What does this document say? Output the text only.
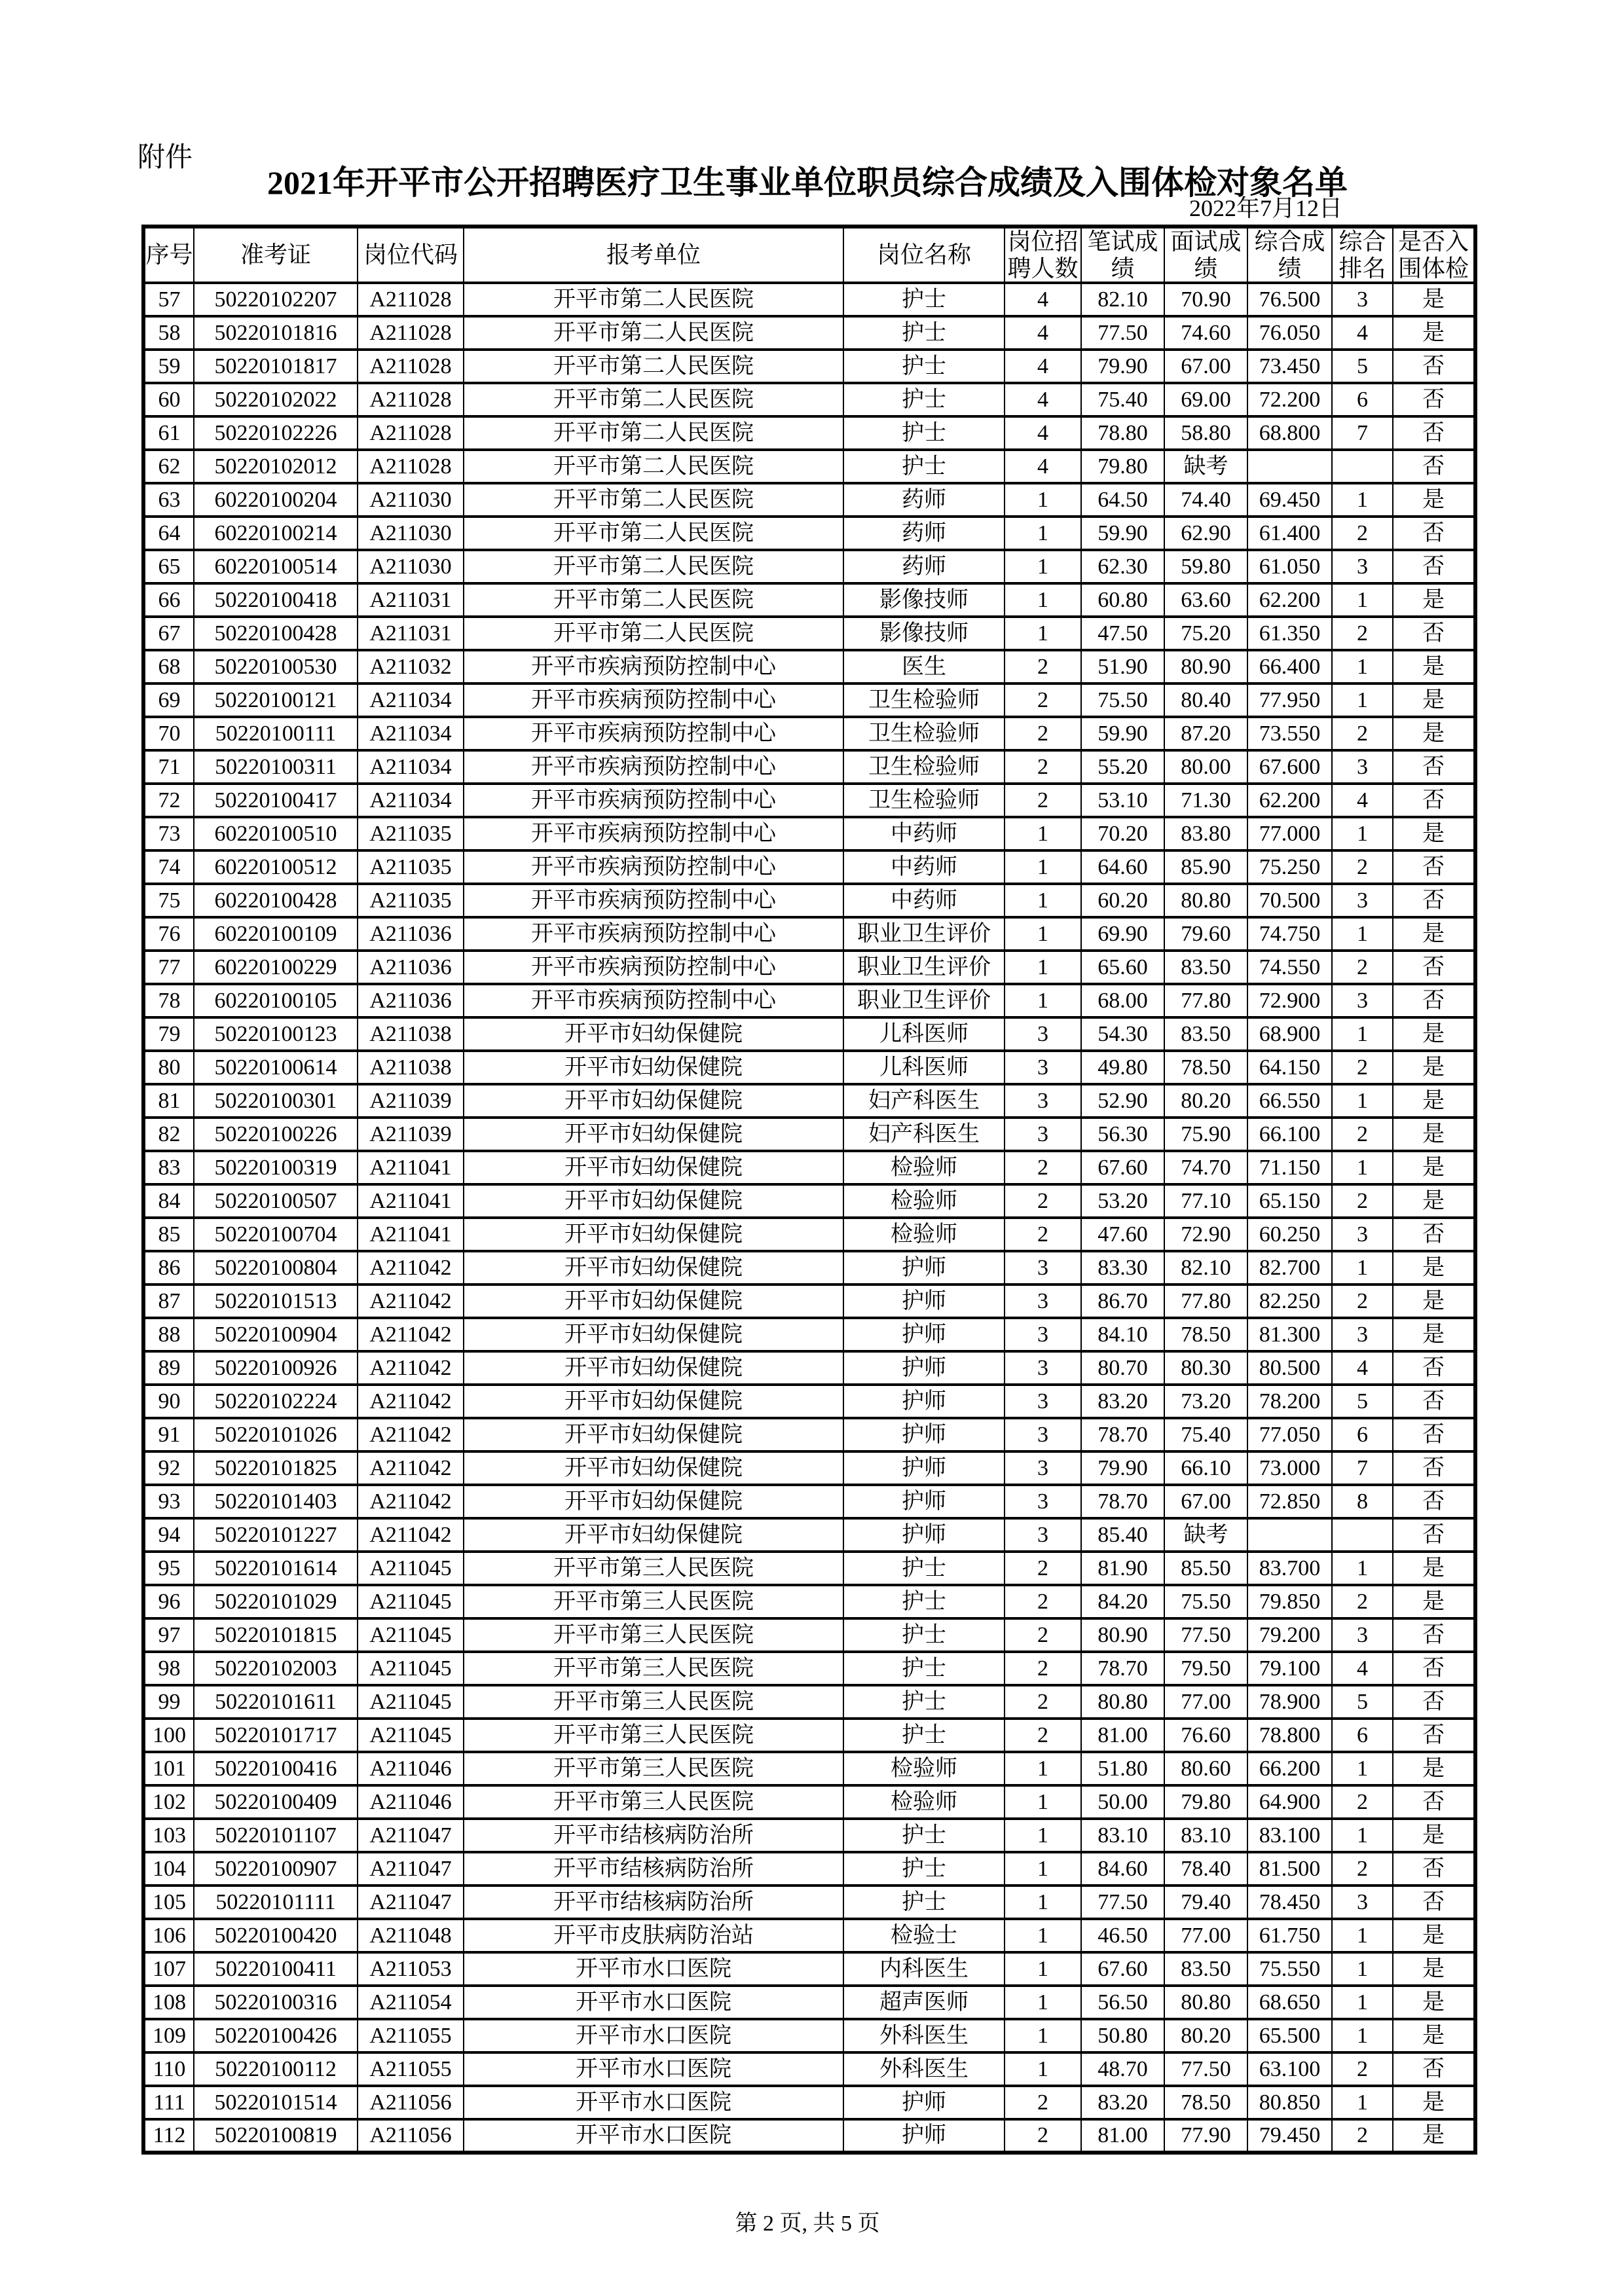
附件
2021年开平市公开招聘医疗卫生事业单位职员综合成绩及入围体检对象名单
2022年7月12日
序号	准考证	岗位代码	报考单位	岗位名称	岗位招聘人数	笔试成绩	面试成绩	综合成绩	综合排名	是否入围体检
57	50220102207	A211028	开平市第二人民医院	护士	4	82.10	70.90	76.500	3	是
58	50220101816	A211028	开平市第二人民医院	护士	4	77.50	74.60	76.050	4	是
59	50220101817	A211028	开平市第二人民医院	护士	4	79.90	67.00	73.450	5	否
60	50220102022	A211028	开平市第二人民医院	护士	4	75.40	69.00	72.200	6	否
61	50220102226	A211028	开平市第二人民医院	护士	4	78.80	58.80	68.800	7	否
62	50220102012	A211028	开平市第二人民医院	护士	4	79.80	缺考			否
63	60220100204	A211030	开平市第二人民医院	药师	1	64.50	74.40	69.450	1	是
64	60220100214	A211030	开平市第二人民医院	药师	1	59.90	62.90	61.400	2	否
65	60220100514	A211030	开平市第二人民医院	药师	1	62.30	59.80	61.050	3	否
66	50220100418	A211031	开平市第二人民医院	影像技师	1	60.80	63.60	62.200	1	是
67	50220100428	A211031	开平市第二人民医院	影像技师	1	47.50	75.20	61.350	2	否
68	50220100530	A211032	开平市疾病预防控制中心	医生	2	51.90	80.90	66.400	1	是
69	50220100121	A211034	开平市疾病预防控制中心	卫生检验师	2	75.50	80.40	77.950	1	是
70	50220100111	A211034	开平市疾病预防控制中心	卫生检验师	2	59.90	87.20	73.550	2	是
71	50220100311	A211034	开平市疾病预防控制中心	卫生检验师	2	55.20	80.00	67.600	3	否
72	50220100417	A211034	开平市疾病预防控制中心	卫生检验师	2	53.10	71.30	62.200	4	否
73	60220100510	A211035	开平市疾病预防控制中心	中药师	1	70.20	83.80	77.000	1	是
74	60220100512	A211035	开平市疾病预防控制中心	中药师	1	64.60	85.90	75.250	2	否
75	60220100428	A211035	开平市疾病预防控制中心	中药师	1	60.20	80.80	70.500	3	否
76	60220100109	A211036	开平市疾病预防控制中心	职业卫生评价	1	69.90	79.60	74.750	1	是
77	60220100229	A211036	开平市疾病预防控制中心	职业卫生评价	1	65.60	83.50	74.550	2	否
78	60220100105	A211036	开平市疾病预防控制中心	职业卫生评价	1	68.00	77.80	72.900	3	否
79	50220100123	A211038	开平市妇幼保健院	儿科医师	3	54.30	83.50	68.900	1	是
80	50220100614	A211038	开平市妇幼保健院	儿科医师	3	49.80	78.50	64.150	2	是
81	50220100301	A211039	开平市妇幼保健院	妇产科医生	3	52.90	80.20	66.550	1	是
82	50220100226	A211039	开平市妇幼保健院	妇产科医生	3	56.30	75.90	66.100	2	是
83	50220100319	A211041	开平市妇幼保健院	检验师	2	67.60	74.70	71.150	1	是
84	50220100507	A211041	开平市妇幼保健院	检验师	2	53.20	77.10	65.150	2	是
85	50220100704	A211041	开平市妇幼保健院	检验师	2	47.60	72.90	60.250	3	否
86	50220100804	A211042	开平市妇幼保健院	护师	3	83.30	82.10	82.700	1	是
87	50220101513	A211042	开平市妇幼保健院	护师	3	86.70	77.80	82.250	2	是
88	50220100904	A211042	开平市妇幼保健院	护师	3	84.10	78.50	81.300	3	是
89	50220100926	A211042	开平市妇幼保健院	护师	3	80.70	80.30	80.500	4	否
90	50220102224	A211042	开平市妇幼保健院	护师	3	83.20	73.20	78.200	5	否
91	50220101026	A211042	开平市妇幼保健院	护师	3	78.70	75.40	77.050	6	否
92	50220101825	A211042	开平市妇幼保健院	护师	3	79.90	66.10	73.000	7	否
93	50220101403	A211042	开平市妇幼保健院	护师	3	78.70	67.00	72.850	8	否
94	50220101227	A211042	开平市妇幼保健院	护师	3	85.40	缺考			否
95	50220101614	A211045	开平市第三人民医院	护士	2	81.90	85.50	83.700	1	是
96	50220101029	A211045	开平市第三人民医院	护士	2	84.20	75.50	79.850	2	是
97	50220101815	A211045	开平市第三人民医院	护士	2	80.90	77.50	79.200	3	否
98	50220102003	A211045	开平市第三人民医院	护士	2	78.70	79.50	79.100	4	否
99	50220101611	A211045	开平市第三人民医院	护士	2	80.80	77.00	78.900	5	否
100	50220101717	A211045	开平市第三人民医院	护士	2	81.00	76.60	78.800	6	否
101	50220100416	A211046	开平市第三人民医院	检验师	1	51.80	80.60	66.200	1	是
102	50220100409	A211046	开平市第三人民医院	检验师	1	50.00	79.80	64.900	2	否
103	50220101107	A211047	开平市结核病防治所	护士	1	83.10	83.10	83.100	1	是
104	50220100907	A211047	开平市结核病防治所	护士	1	84.60	78.40	81.500	2	否
105	50220101111	A211047	开平市结核病防治所	护士	1	77.50	79.40	78.450	3	否
106	50220100420	A211048	开平市皮肤病防治站	检验士	1	46.50	77.00	61.750	1	是
107	50220100411	A211053	开平市水口医院	内科医生	1	67.60	83.50	75.550	1	是
108	50220100316	A211054	开平市水口医院	超声医师	1	56.50	80.80	68.650	1	是
109	50220100426	A211055	开平市水口医院	外科医生	1	50.80	80.20	65.500	1	是
110	50220100112	A211055	开平市水口医院	外科医生	1	48.70	77.50	63.100	2	否
111	50220101514	A211056	开平市水口医院	护师	2	83.20	78.50	80.850	1	是
112	50220100819	A211056	开平市水口医院	护师	2	81.00	77.90	79.450	2	是
第 2 页, 共 5 页
